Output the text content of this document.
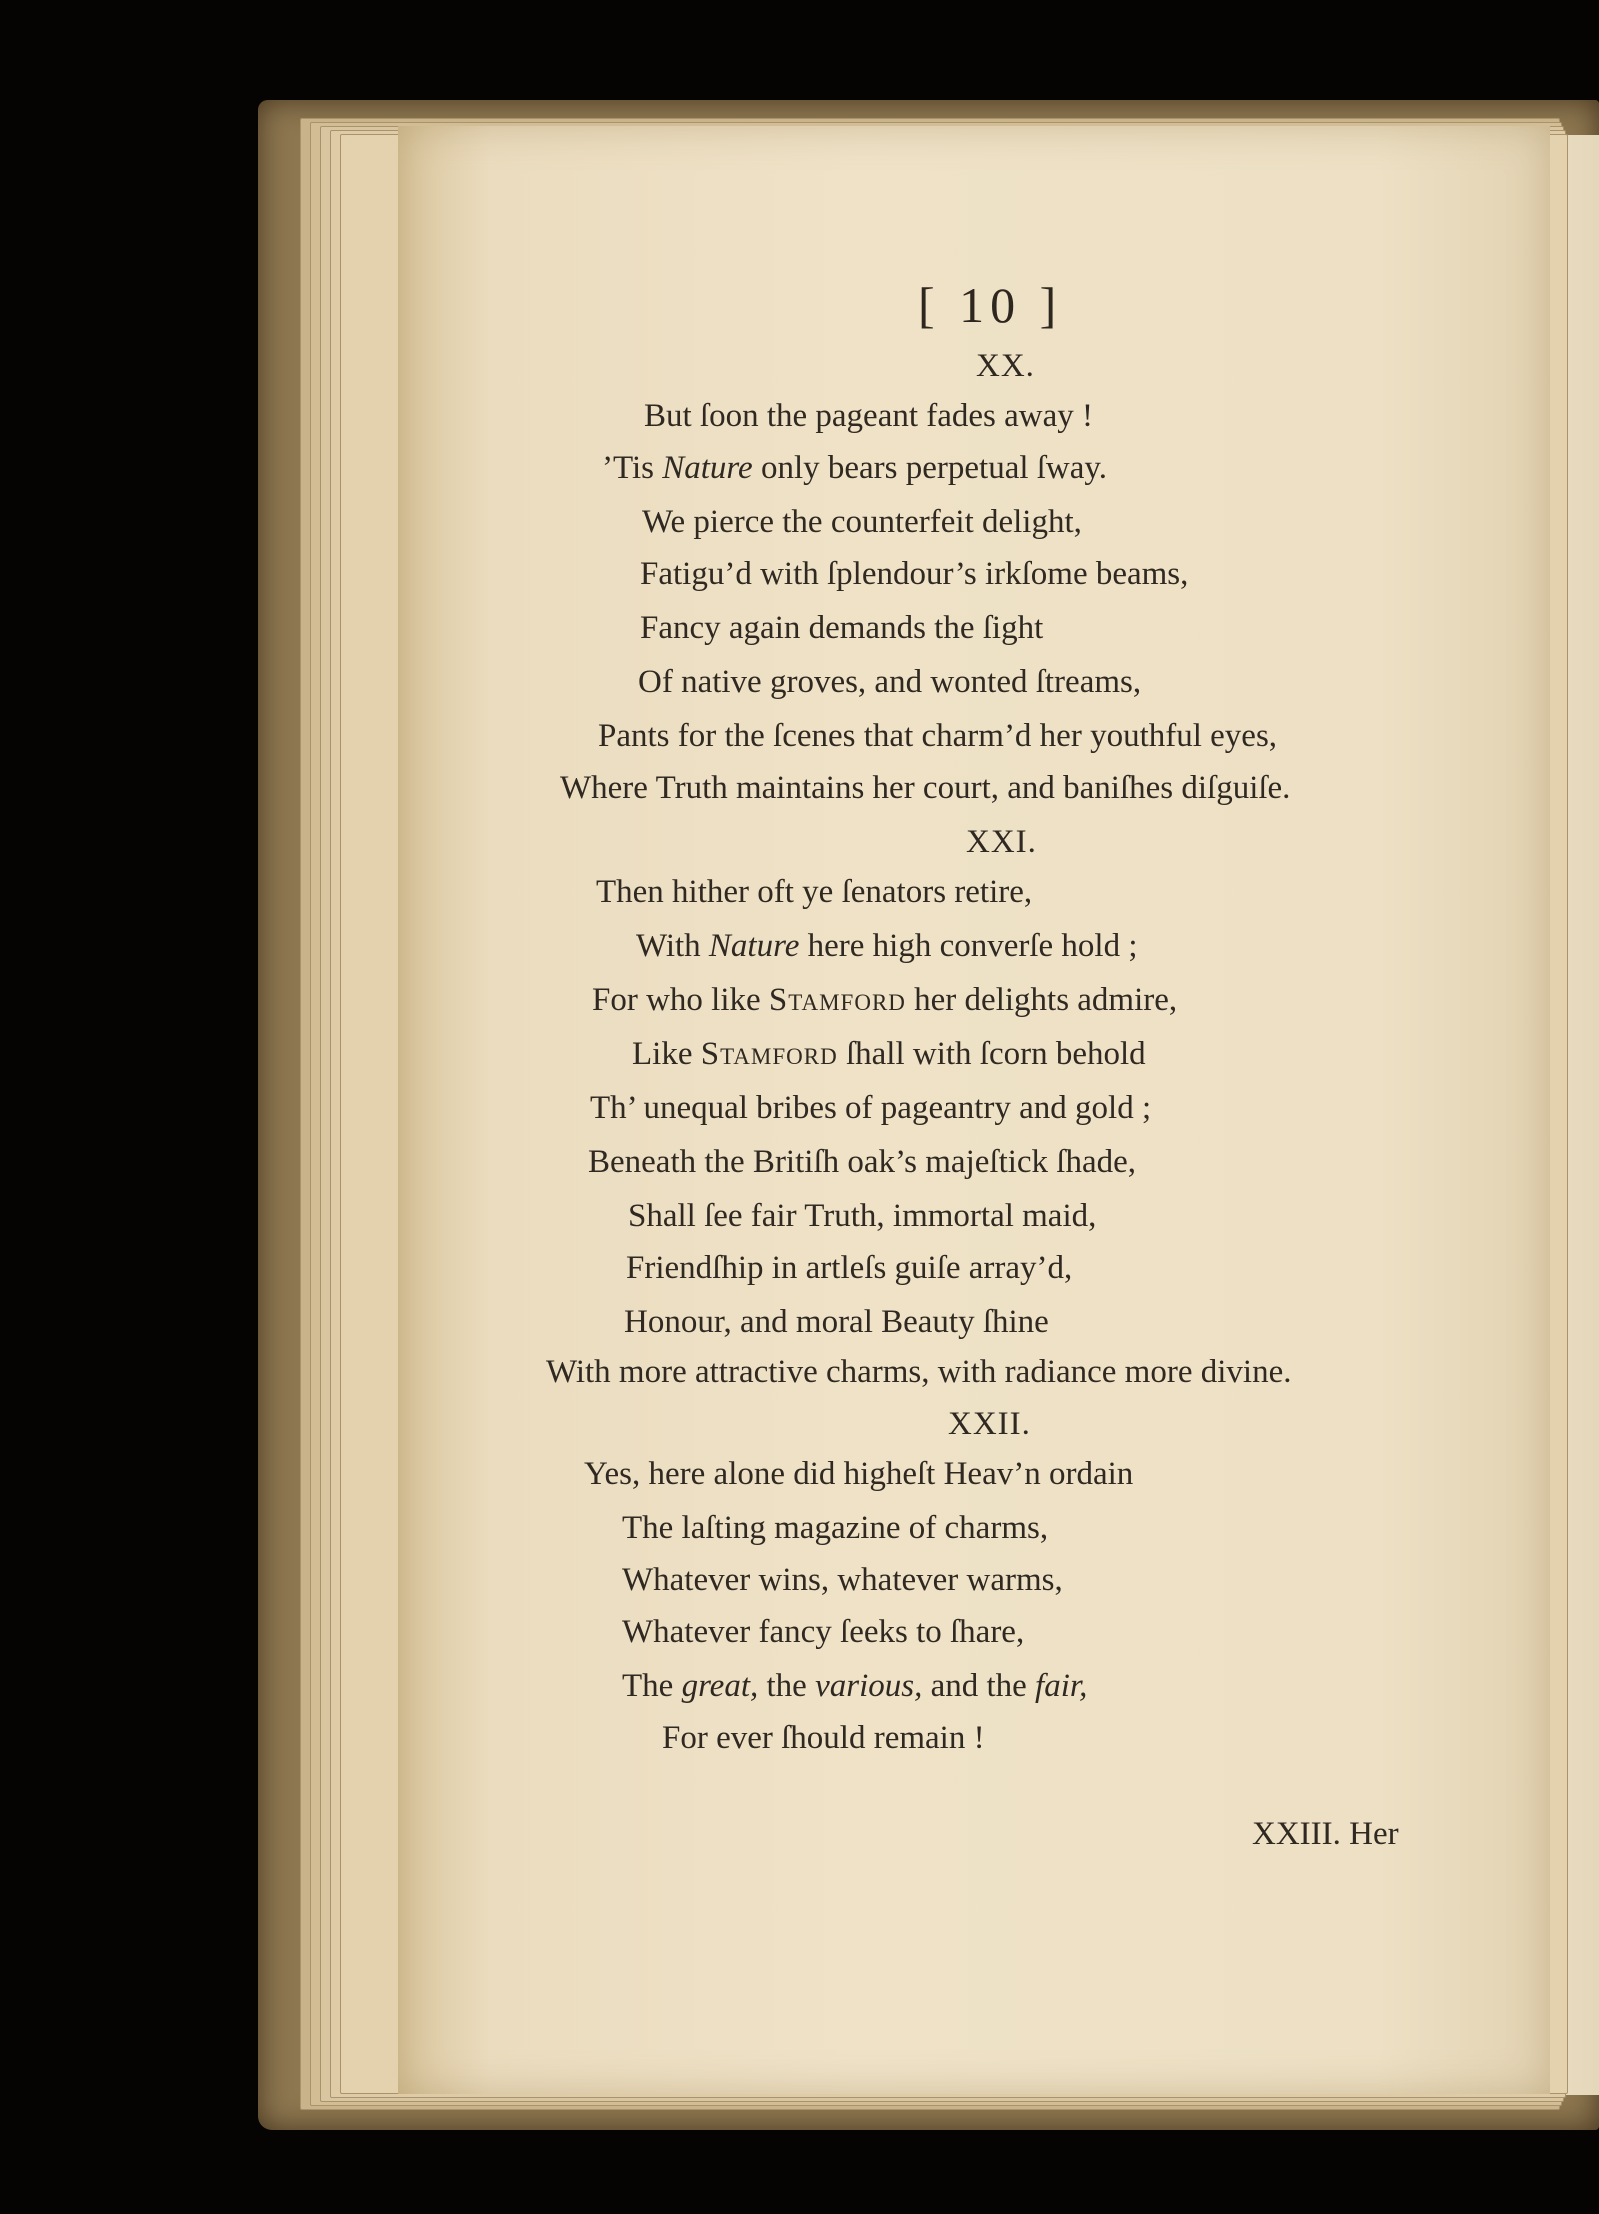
[ 10 ]
XX.
But ſoon the pageant fades away !
’Tis Nature only bears perpetual ſway.
We pierce the counterfeit delight,
Fatigu’d with ſplendour’s irkſome beams,
Fancy again demands the ſight
Of native groves, and wonted ſtreams,
Pants for the ſcenes that charm’d her youthful eyes,
Where Truth maintains her court, and baniſhes diſguiſe.
XXI.
Then hither oft ye ſenators retire,
With Nature here high converſe hold ;
For who like Stamford her delights admire,
Like Stamford ſhall with ſcorn behold
Th’ unequal bribes of pageantry and gold ;
Beneath the Britiſh oak’s majeſtick ſhade,
Shall ſee fair Truth, immortal maid,
Friendſhip in artleſs guiſe array’d,
Honour, and moral Beauty ſhine
With more attractive charms, with radiance more divine.
XXII.
Yes, here alone did higheſt Heav’n ordain
The laſting magazine of charms,
Whatever wins, whatever warms,
Whatever fancy ſeeks to ſhare,
The great, the various, and the fair,
For ever ſhould remain !
XXIII. Her
